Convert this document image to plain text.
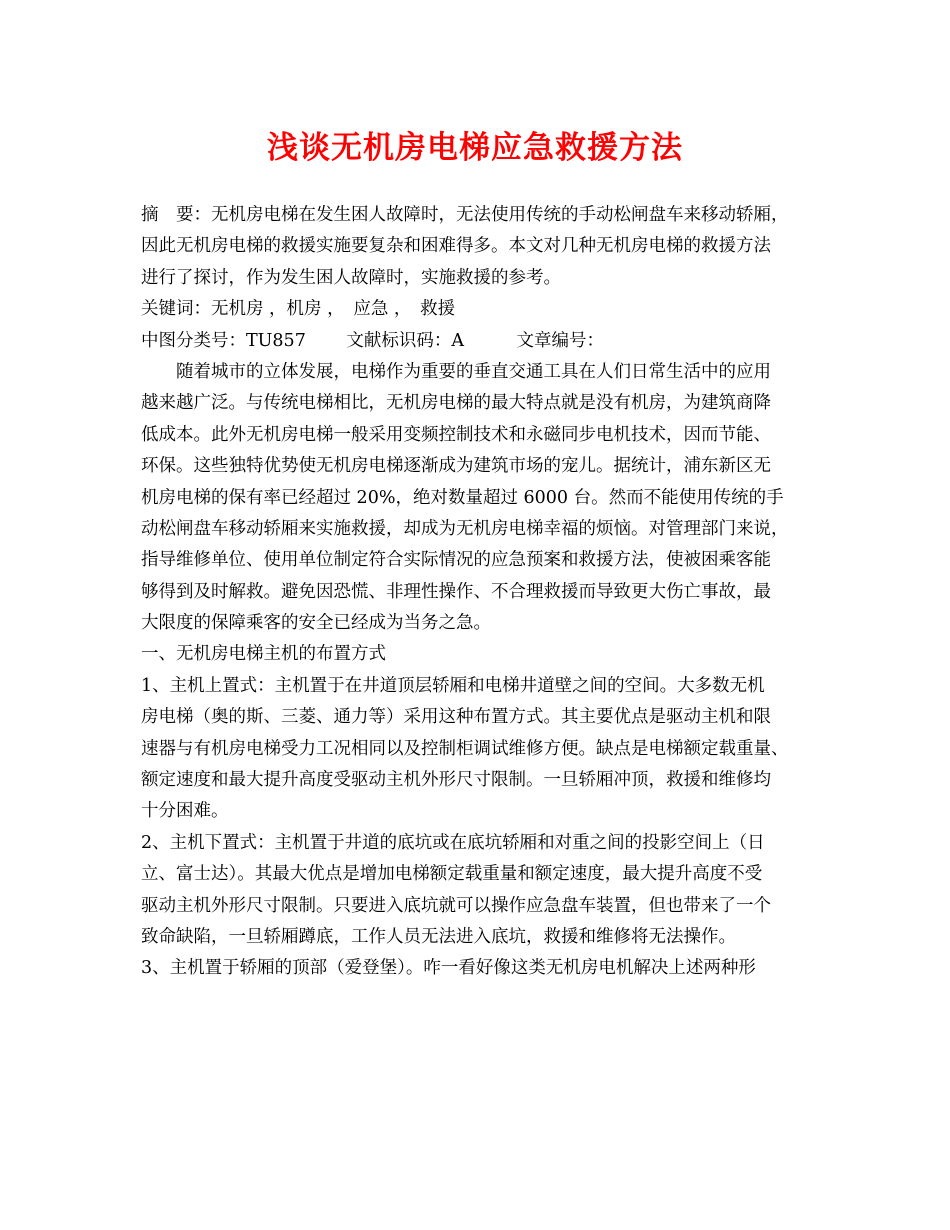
浅谈无机房电梯应急救援方法
摘　要：无机房电梯在发生困人故障时，无法使用传统的手动松闸盘车来移动轿厢，
因此无机房电梯的救援实施要复杂和困难得多。本文对几种无机房电梯的救援方法
进行了探讨，作为发生困人故障时，实施救援的参考。
关键词：无机房 ，机房 ，　应急 ，　救援
中图分类号：TU857　　 文献标识码：A　　　文章编号：
　　随着城市的立体发展，电梯作为重要的垂直交通工具在人们日常生活中的应用
越来越广泛。与传统电梯相比，无机房电梯的最大特点就是没有机房，为建筑商降
低成本。此外无机房电梯一般采用变频控制技术和永磁同步电机技术，因而节能、
环保。这些独特优势使无机房电梯逐渐成为建筑市场的宠儿。据统计，浦东新区无
机房电梯的保有率已经超过 20%，绝对数量超过 6000 台。然而不能使用传统的手
动松闸盘车移动轿厢来实施救援，却成为无机房电梯幸福的烦恼。对管理部门来说，
指导维修单位、使用单位制定符合实际情况的应急预案和救援方法，使被困乘客能
够得到及时解救。避免因恐慌、非理性操作、不合理救援而导致更大伤亡事故，最
大限度的保障乘客的安全已经成为当务之急。
一、无机房电梯主机的布置方式
1、主机上置式：主机置于在井道顶层轿厢和电梯井道壁之间的空间。大多数无机
房电梯（奥的斯、三菱、通力等）采用这种布置方式。其主要优点是驱动主机和限
速器与有机房电梯受力工况相同以及控制柜调试维修方便。缺点是电梯额定载重量、
额定速度和最大提升高度受驱动主机外形尺寸限制。一旦轿厢冲顶，救援和维修均
十分困难。
2、主机下置式：主机置于井道的底坑或在底坑轿厢和对重之间的投影空间上（日
立、富士达）。其最大优点是增加电梯额定载重量和额定速度，最大提升高度不受
驱动主机外形尺寸限制。只要进入底坑就可以操作应急盘车装置，但也带来了一个
致命缺陷，一旦轿厢蹲底，工作人员无法进入底坑，救援和维修将无法操作。
3、主机置于轿厢的顶部（爱登堡）。咋一看好像这类无机房电机解决上述两种形
